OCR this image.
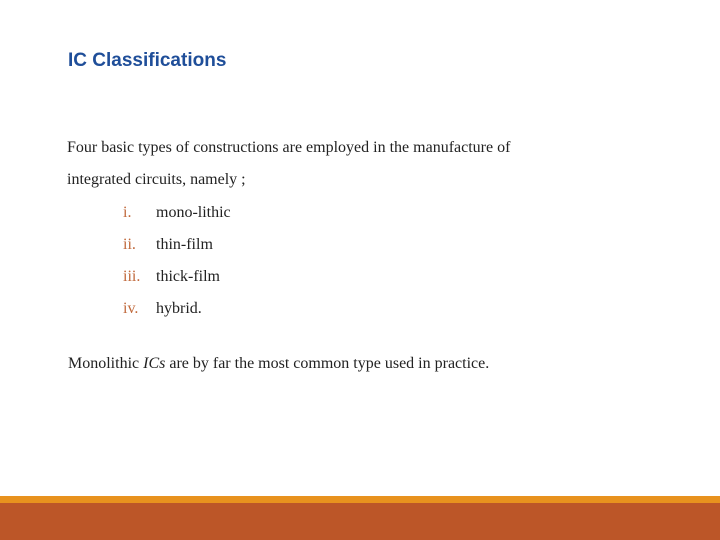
IC Classifications

Four basic types of constructions are employed in the manufacture of
integrated circuits, namely ;

i.	mono-lithic
ii.	thin-film
iii. thick-film
iv.	hybrid.

Monolithic ICs are by far the most common type used in practice.
